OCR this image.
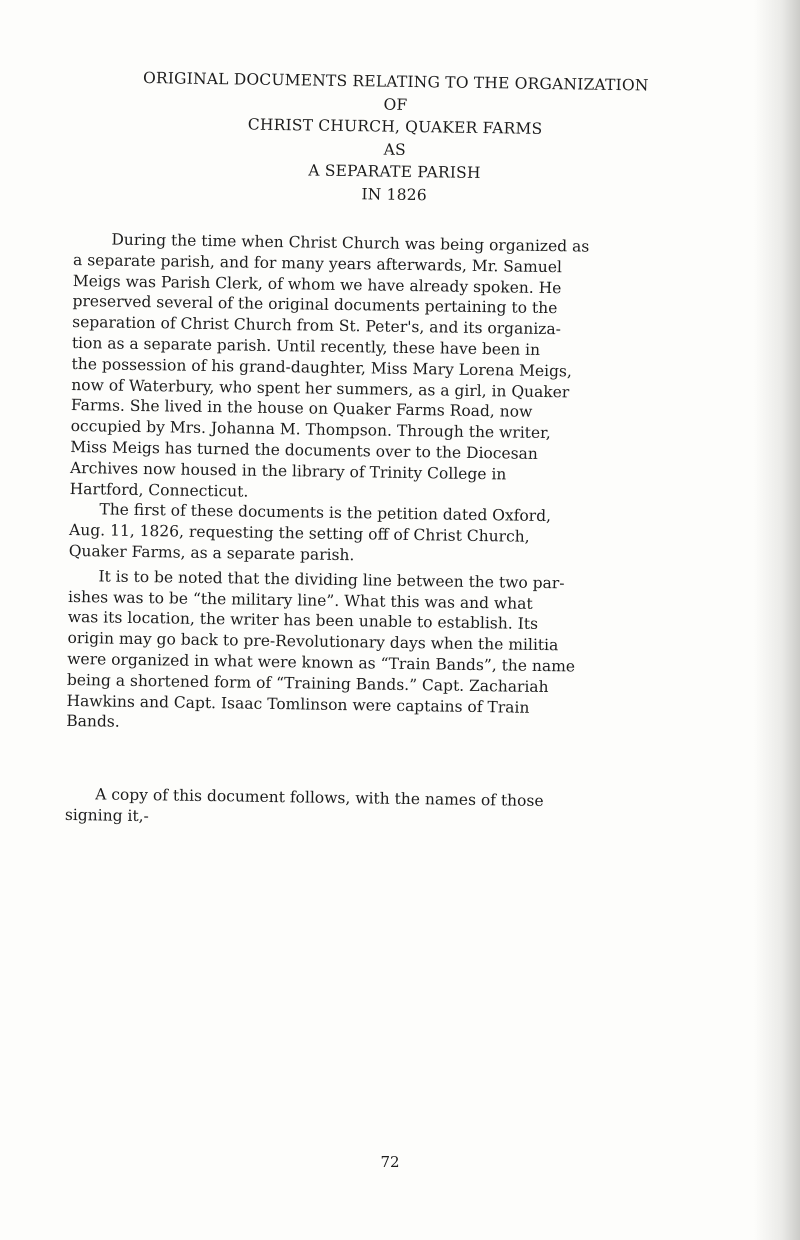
ORIGINAL DOCUMENTS RELATING TO THE ORGANIZATION
OF
CHRIST CHURCH, QUAKER FARMS
AS
A SEPARATE PARISH
IN 1826

During the time when Christ Church was being organized as
a separate parish, and for many years afterwards, Mr. Samuel
Meigs was Parish Clerk, of whom we have already spoken. He
preserved several of the original documents pertaining to the
separation of Christ Church from St. Peter's, and its organiza-
tion as a separate parish. Until recently, these have been in
the possession of his grand-daughter, Miss Mary Lorena Meigs,
now of Waterbury, who spent her summers, as a girl, in Quaker
Farms. She lived in the house on Quaker Farms Road, now
occupied by Mrs. Johanna M. Thompson. Through the writer,
Miss Meigs has turned the documents over to the Diocesan
Archives now housed in the library of Trinity College in
Hartford, Connecticut.

The first of these documents is the petition dated Oxford,
Aug. 11, 1826, requesting the setting off of Christ Church,
Quaker Farms, as a separate parish.

It is to be noted that the dividing line between the two par-
ishes was to be “the military line”. What this was and what
was its location, the writer has been unable to establish. Its
origin may go back to pre-Revolutionary days when the militia
were organized in what were known as “Train Bands”, the name
being a shortened form of “Training Bands.” Capt. Zachariah
Hawkins and Capt. Isaac Tomlinson were captains of Train
Bands.

A copy of this document follows, with the names of those
signing it,-

72
